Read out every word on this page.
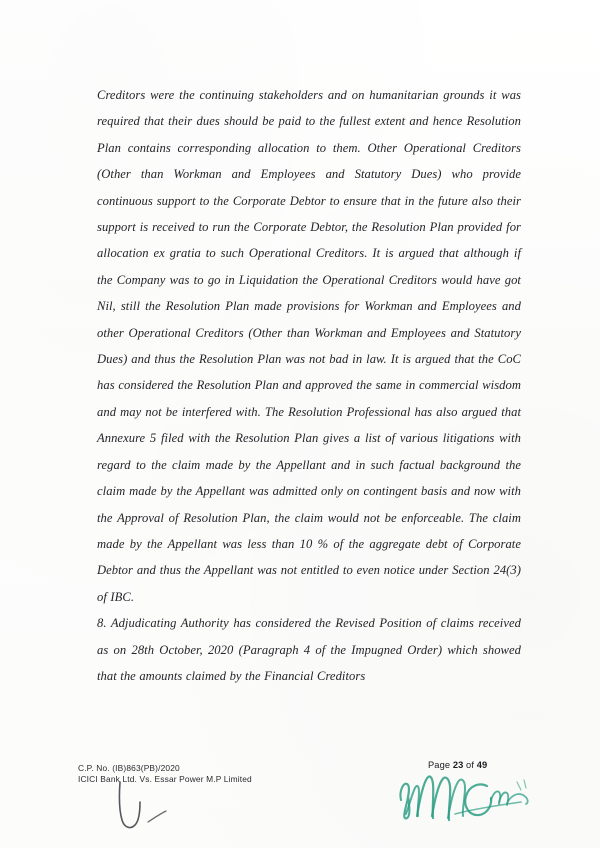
Creditors were the continuing stakeholders and on humanitarian grounds it was required that their dues should be paid to the fullest extent and hence Resolution Plan contains corresponding allocation to them. Other Operational Creditors (Other than Workman and Employees and Statutory Dues) who provide continuous support to the Corporate Debtor to ensure that in the future also their support is received to run the Corporate Debtor, the Resolution Plan provided for allocation ex gratia to such Operational Creditors. It is argued that although if the Company was to go in Liquidation the Operational Creditors would have got Nil, still the Resolution Plan made provisions for Workman and Employees and other Operational Creditors (Other than Workman and Employees and Statutory Dues) and thus the Resolution Plan was not bad in law. It is argued that the CoC has considered the Resolution Plan and approved the same in commercial wisdom and may not be interfered with. The Resolution Professional has also argued that Annexure 5 filed with the Resolution Plan gives a list of various litigations with regard to the claim made by the Appellant and in such factual background the claim made by the Appellant was admitted only on contingent basis and now with the Approval of Resolution Plan, the claim would not be enforceable. The claim made by the Appellant was less than 10 % of the aggregate debt of Corporate Debtor and thus the Appellant was not entitled to even notice under Section 24(3) of IBC.

8. Adjudicating Authority has considered the Revised Position of claims received as on 28th October, 2020 (Paragraph 4 of the Impugned Order) which showed that the amounts claimed by the Financial Creditors

C.P. No. (IB)863(PB)/2020
ICICI Bank Ltd. Vs. Essar Power M.P Limited
Page 23 of 49
